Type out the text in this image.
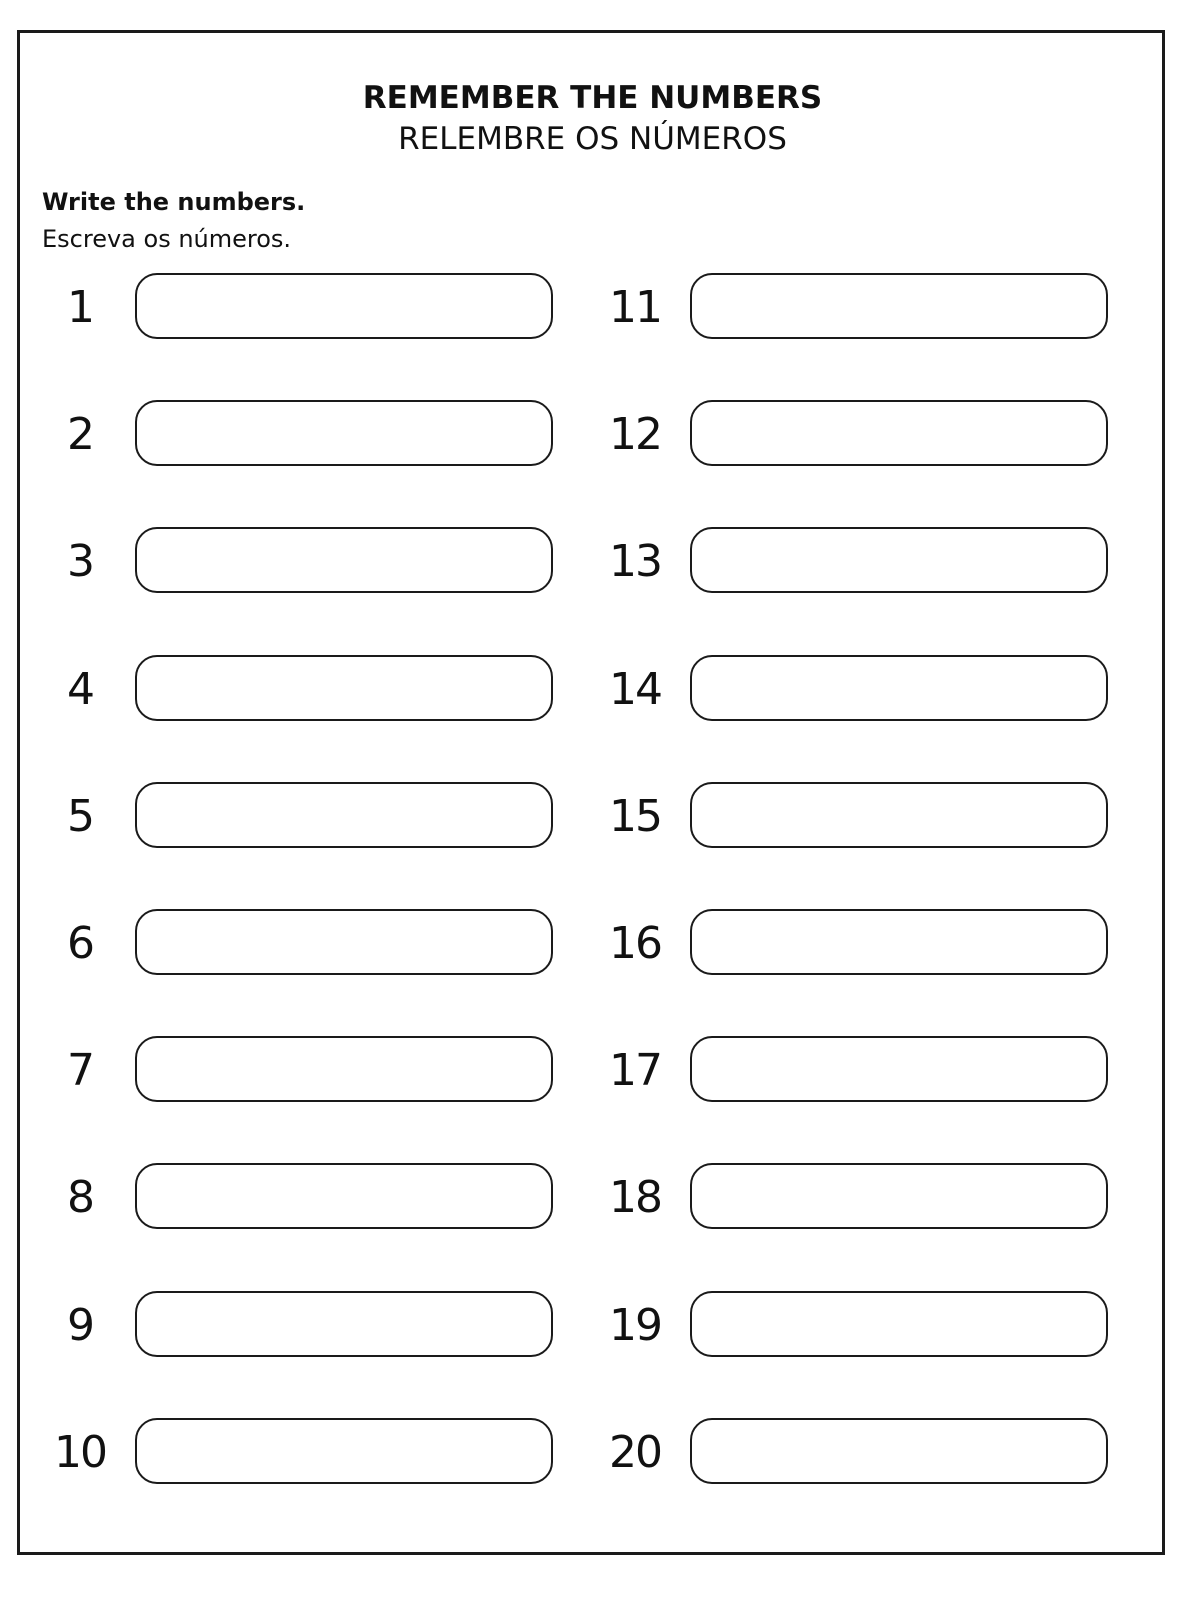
REMEMBER THE NUMBERS
RELEMBRE OS NÚMEROS
Write the numbers.
Escreva os números.
1
2
3
4
5
6
7
8
9
10
11
12
13
14
15
16
17
18
19
20
